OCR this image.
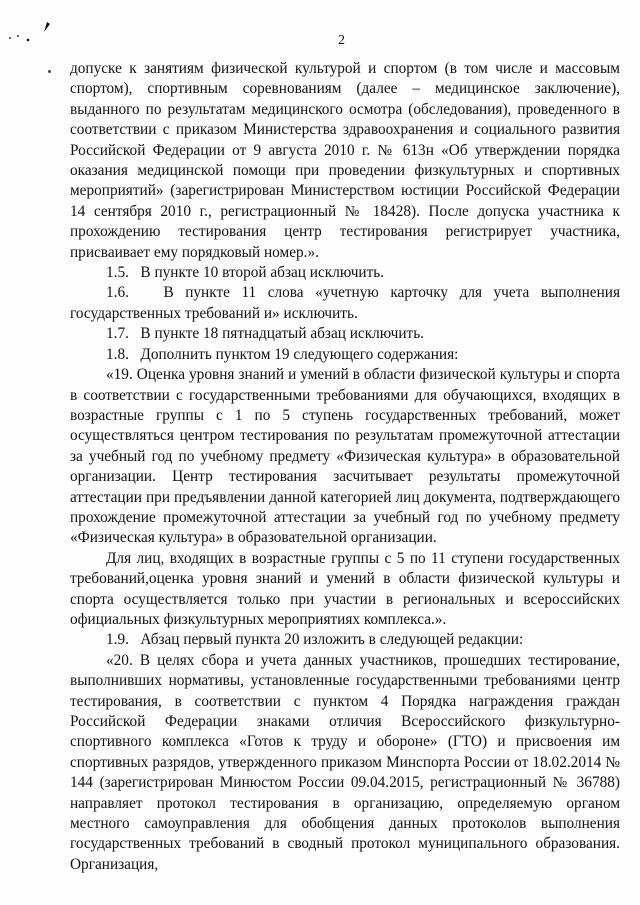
2

допуске к занятиям физической культурой и спортом (в том числе и массовым спортом), спортивным соревнованиям (далее – медицинское заключение), выданного по результатам медицинского осмотра (обследования), проведенного в соответствии с приказом Министерства здравоохранения и социального развития Российской Федерации от 9 августа 2010 г. № 613н «Об утверждении порядка оказания медицинской помощи при проведении физкультурных и спортивных мероприятий» (зарегистрирован Министерством юстиции Российской Федерации 14 сентября 2010 г., регистрационный № 18428). После допуска участника к прохождению тестирования центр тестирования регистрирует участника, присваивает ему порядковый номер.».

1.5.   В пункте 10 второй абзац исключить.

1.6.   В пункте 11 слова «учетную карточку для учета выполнения государственных требований и» исключить.

1.7.   В пункте 18 пятнадцатый абзац исключить.

1.8.   Дополнить пунктом 19 следующего содержания:

«19. Оценка уровня знаний и умений в области физической культуры и спорта в соответствии с государственными требованиями для обучающихся, входящих в возрастные группы с 1 по 5 ступень государственных требований, может осуществляться центром тестирования по результатам промежуточной аттестации за учебный год по учебному предмету «Физическая культура» в образовательной организации. Центр тестирования засчитывает результаты промежуточной аттестации при предъявлении данной категорией лиц документа, подтверждающего прохождение промежуточной аттестации за учебный год по учебному предмету «Физическая культура» в образовательной организации.

Для лиц, входящих в возрастные группы с 5 по 11 ступени государственных требований,оценка уровня знаний и умений в области физической культуры и спорта осуществляется только при участии в региональных и всероссийских официальных физкультурных мероприятиях комплекса.».

1.9.   Абзац первый пункта 20 изложить в следующей редакции:

«20. В целях сбора и учета данных участников, прошедших тестирование, выполнивших нормативы, установленные государственными требованиями центр тестирования, в соответствии с пунктом 4 Порядка награждения граждан Российской Федерации знаками отличия Всероссийского физкультурно-спортивного комплекса «Готов к труду и обороне» (ГТО) и присвоения им спортивных разрядов, утвержденного приказом Минспорта России от 18.02.2014 № 144 (зарегистрирован Минюстом России 09.04.2015, регистрационный № 36788) направляет протокол тестирования в организацию, определяемую органом местного самоуправления для обобщения данных протоколов выполнения государственных требований в сводный протокол муниципального образования. Организация,
